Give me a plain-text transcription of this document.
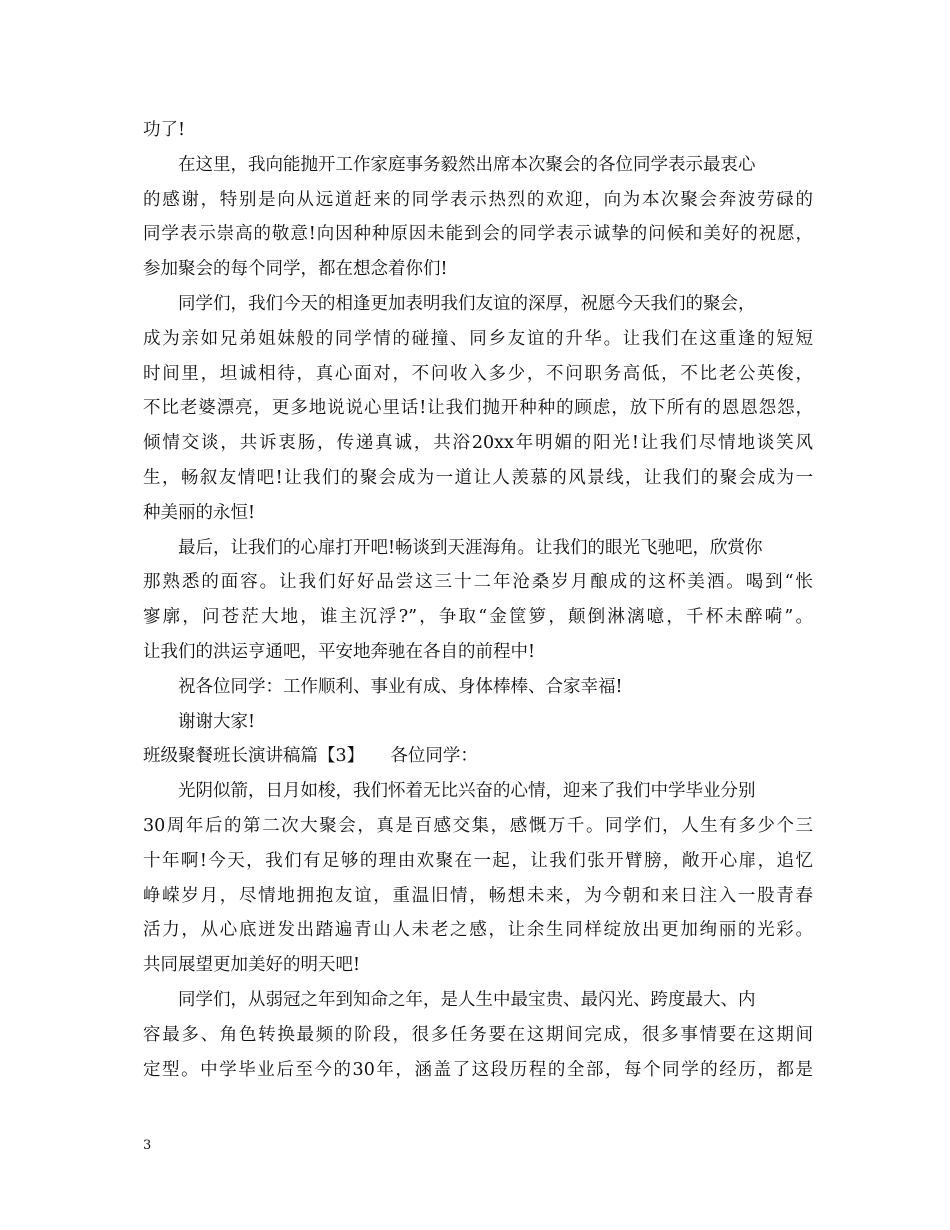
功了!
在这里，我向能抛开工作家庭事务毅然出席本次聚会的各位同学表示最衷心
的感谢，特别是向从远道赶来的同学表示热烈的欢迎，向为本次聚会奔波劳碌的
同学表示崇高的敬意!向因种种原因未能到会的同学表示诚挚的问候和美好的祝愿，
参加聚会的每个同学，都在想念着你们!
同学们，我们今天的相逢更加表明我们友谊的深厚，祝愿今天我们的聚会，
成为亲如兄弟姐妹般的同学情的碰撞、同乡友谊的升华。让我们在这重逢的短短
时间里，坦诚相待，真心面对，不问收入多少，不问职务高低，不比老公英俊，
不比老婆漂亮，更多地说说心里话!让我们抛开种种的顾虑，放下所有的恩恩怨怨，
倾情交谈，共诉衷肠，传递真诚，共浴20xx年明媚的阳光!让我们尽情地谈笑风
生，畅叙友情吧!让我们的聚会成为一道让人羡慕的风景线，让我们的聚会成为一
种美丽的永恒!
最后，让我们的心扉打开吧!畅谈到天涯海角。让我们的眼光飞驰吧，欣赏你
那熟悉的面容。让我们好好品尝这三十二年沧桑岁月酿成的这杯美酒。喝到“怅
寥廓，问苍茫大地，谁主沉浮?”，争取“金筐箩，颠倒淋漓噫，千杯未醉嗬”。
让我们的洪运亨通吧，平安地奔驰在各自的前程中!
祝各位同学：工作顺利、事业有成、身体棒棒、合家幸福!
谢谢大家!
班级聚餐班长演讲稿篇【3】　　各位同学：
光阴似箭，日月如梭，我们怀着无比兴奋的心情，迎来了我们中学毕业分别
30周年后的第二次大聚会，真是百感交集，感慨万千。同学们，人生有多少个三
十年啊!今天，我们有足够的理由欢聚在一起，让我们张开臂膀，敞开心扉，追忆
峥嵘岁月，尽情地拥抱友谊，重温旧情，畅想未来，为今朝和来日注入一股青春
活力，从心底迸发出踏遍青山人未老之感，让余生同样绽放出更加绚丽的光彩。
共同展望更加美好的明天吧!
同学们，从弱冠之年到知命之年，是人生中最宝贵、最闪光、跨度最大、内
容最多、角色转换最频的阶段，很多任务要在这期间完成，很多事情要在这期间
定型。中学毕业后至今的30年，涵盖了这段历程的全部，每个同学的经历，都是
3
